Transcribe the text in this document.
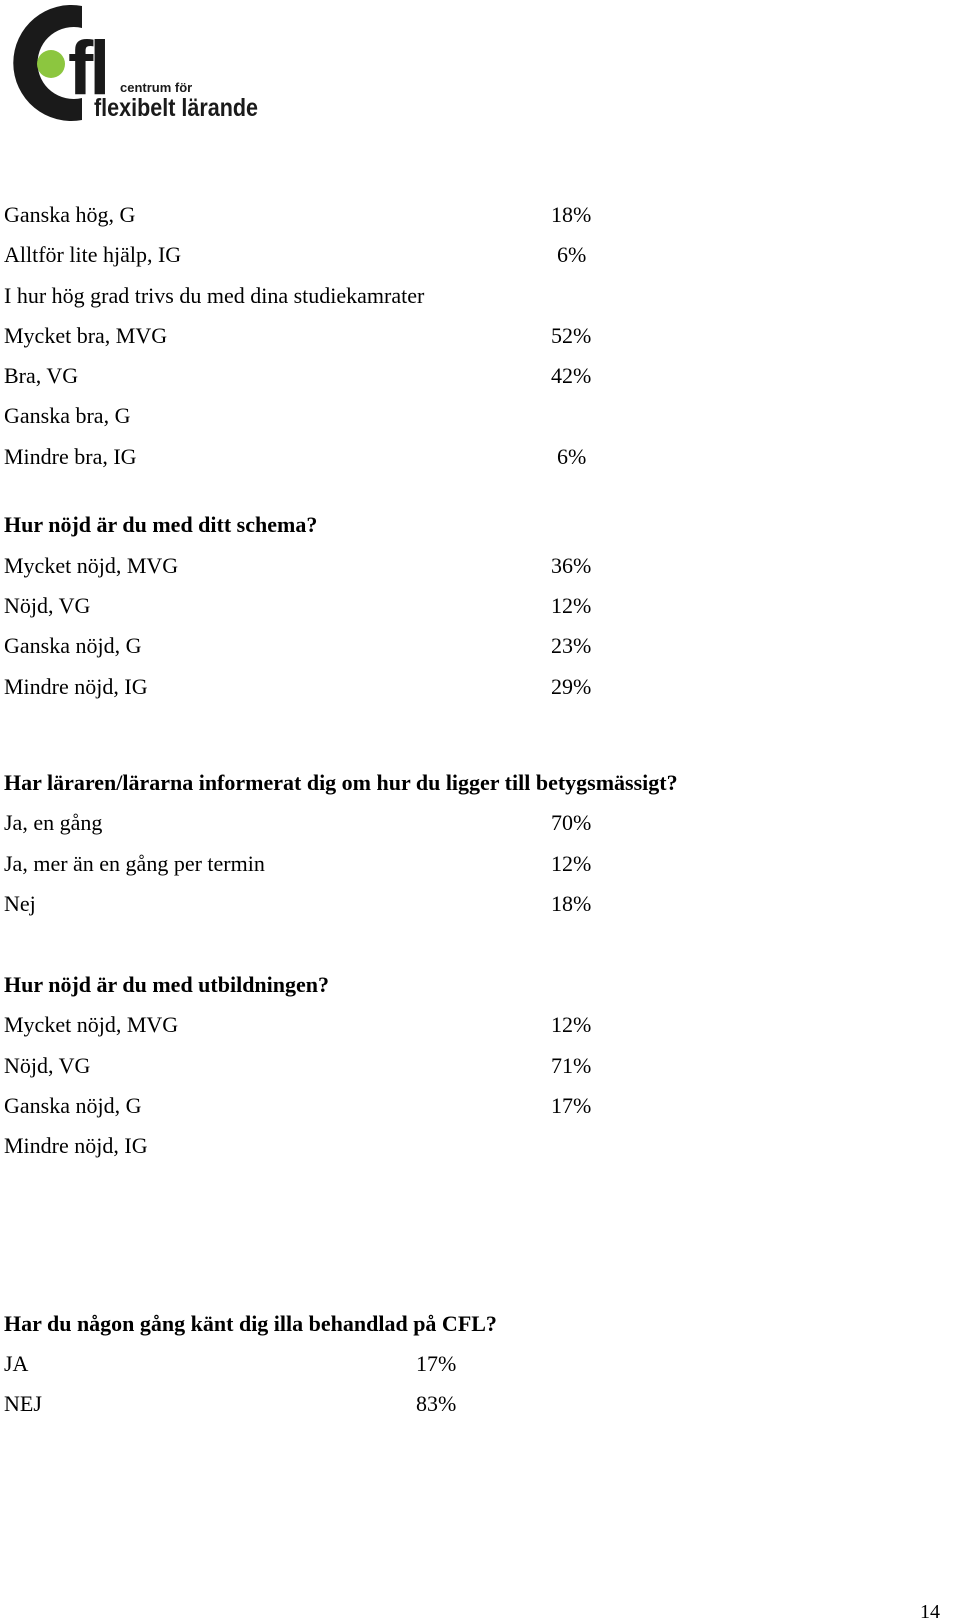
fl centrum för
flexibelt lärande
Ganska hög, G	18%
Alltför lite hjälp, IG	6%
I hur hög grad trivs du med dina studiekamrater
Mycket bra, MVG	52%
Bra, VG	42%
Ganska bra, G
Mindre bra, IG	6%
Hur nöjd är du med ditt schema?
Mycket nöjd, MVG	36%
Nöjd, VG	12%
Ganska nöjd, G	23%
Mindre nöjd, IG	29%
Har läraren/lärarna informerat dig om hur du ligger till betygsmässigt?
Ja, en gång	70%
Ja, mer än en gång per termin	12%
Nej	18%
Hur nöjd är du med utbildningen?
Mycket nöjd, MVG	12%
Nöjd, VG	71%
Ganska nöjd, G	17%
Mindre nöjd, IG
Har du någon gång känt dig illa behandlad på CFL?
JA	17%
NEJ	83%
14
